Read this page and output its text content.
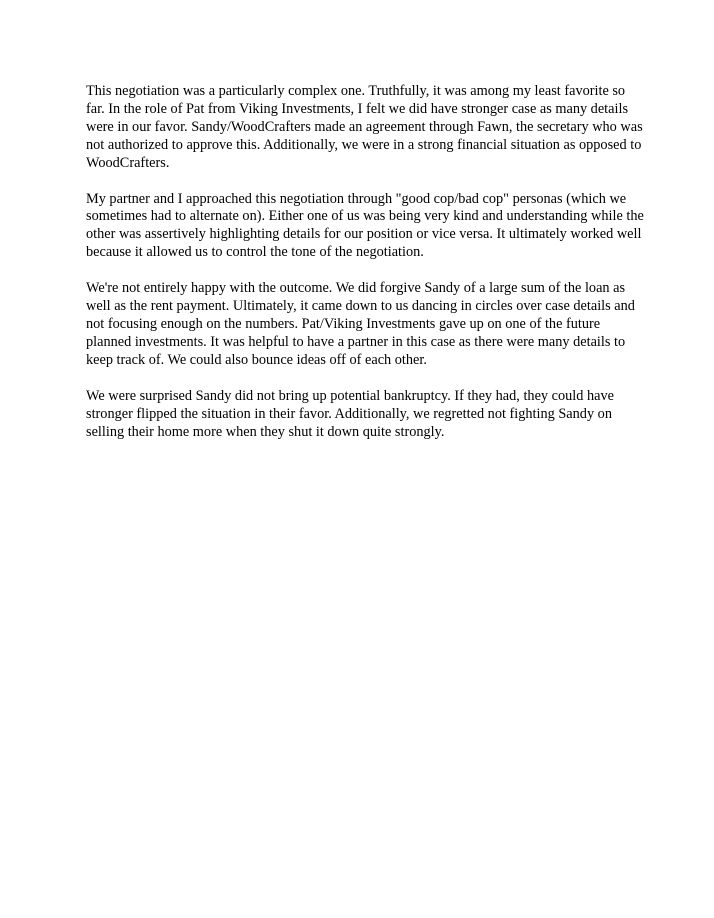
This negotiation was a particularly complex one. Truthfully, it was among my least favorite so far. In the role of Pat from Viking Investments, I felt we did have stronger case as many details were in our favor. Sandy/WoodCrafters made an agreement through Fawn, the secretary who was not authorized to approve this. Additionally, we were in a strong financial situation as opposed to WoodCrafters.

My partner and I approached this negotiation through "good cop/bad cop" personas (which we sometimes had to alternate on). Either one of us was being very kind and understanding while the other was assertively highlighting details for our position or vice versa. It ultimately worked well because it allowed us to control the tone of the negotiation.

We're not entirely happy with the outcome. We did forgive Sandy of a large sum of the loan as well as the rent payment. Ultimately, it came down to us dancing in circles over case details and not focusing enough on the numbers. Pat/Viking Investments gave up on one of the future planned investments. It was helpful to have a partner in this case as there were many details to keep track of. We could also bounce ideas off of each other.

We were surprised Sandy did not bring up potential bankruptcy. If they had, they could have stronger flipped the situation in their favor. Additionally, we regretted not fighting Sandy on selling their home more when they shut it down quite strongly.
